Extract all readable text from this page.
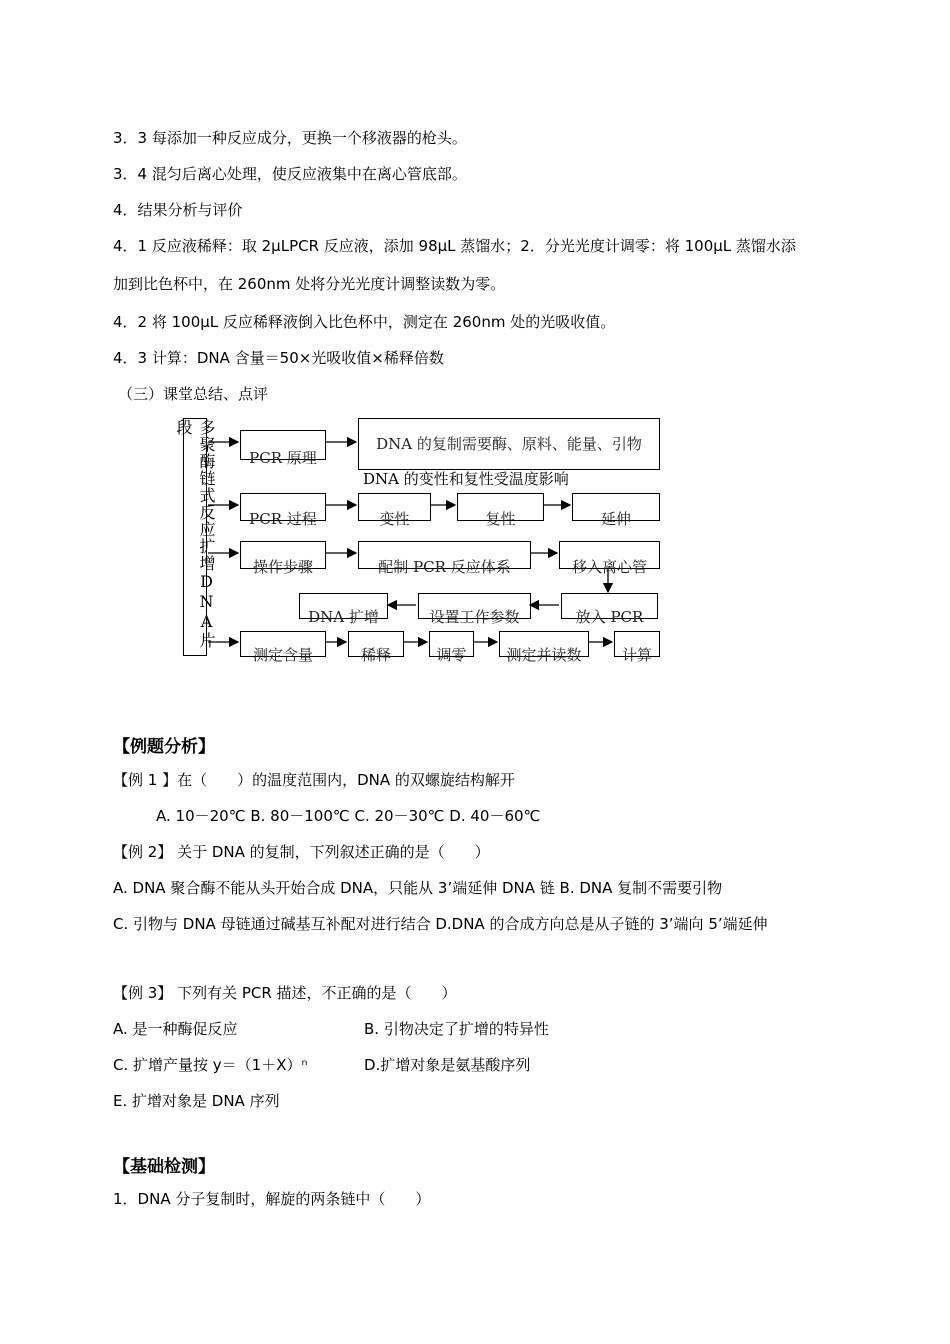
3．3 每添加一种反应成分，更换一个移液器的枪头。
3．4 混匀后离心处理，使反应液集中在离心管底部。
4．结果分析与评价
4．1 反应液稀释：取 2μLPCR 反应液，添加 98μL 蒸馏水；2．分光光度计调零：将 100μL 蒸馏水添
加到比色杯中，在 260nm 处将分光光度计调整读数为零。
4．2 将 100μL 反应稀释液倒入比色杯中，测定在 260nm 处的光吸收值。
4．3 计算：DNA 含量＝50×光吸收值×稀释倍数
（三）课堂总结、点评
多聚酶链式反应扩增DNA片段
PCR 原理
DNA 的复制需要酶、原料、能量、引物
DNA 的变性和复性受温度影响
PCR 过程	变性	复性	延伸
操作步骤	配制 PCR 反应体系	移入离心管
放入 PCR
设置工作参数
DNA 扩增
测定含量	稀释	调零	测定并读数	计算
【例题分析】
【例 1 】在（　　）的温度范围内，DNA 的双螺旋结构解开
A. 10－20℃ B. 80－100℃ C. 20－30℃ D. 40－60℃
【例 2】 关于 DNA 的复制，下列叙述正确的是（　　）
A. DNA 聚合酶不能从头开始合成 DNA，只能从 3’端延伸 DNA 链 B. DNA 复制不需要引物
C. 引物与 DNA 母链通过碱基互补配对进行结合 D.DNA 的合成方向总是从子链的 3’端向 5’端延伸
【例 3】 下列有关 PCR 描述，不正确的是（　　）
A. 是一种酶促反应	B. 引物决定了扩增的特异性
C. 扩增产量按 y＝（1＋X）ⁿ	D.扩增对象是氨基酸序列
E. 扩增对象是 DNA 序列
【基础检测】
1．DNA 分子复制时，解旋的两条链中（　　）
